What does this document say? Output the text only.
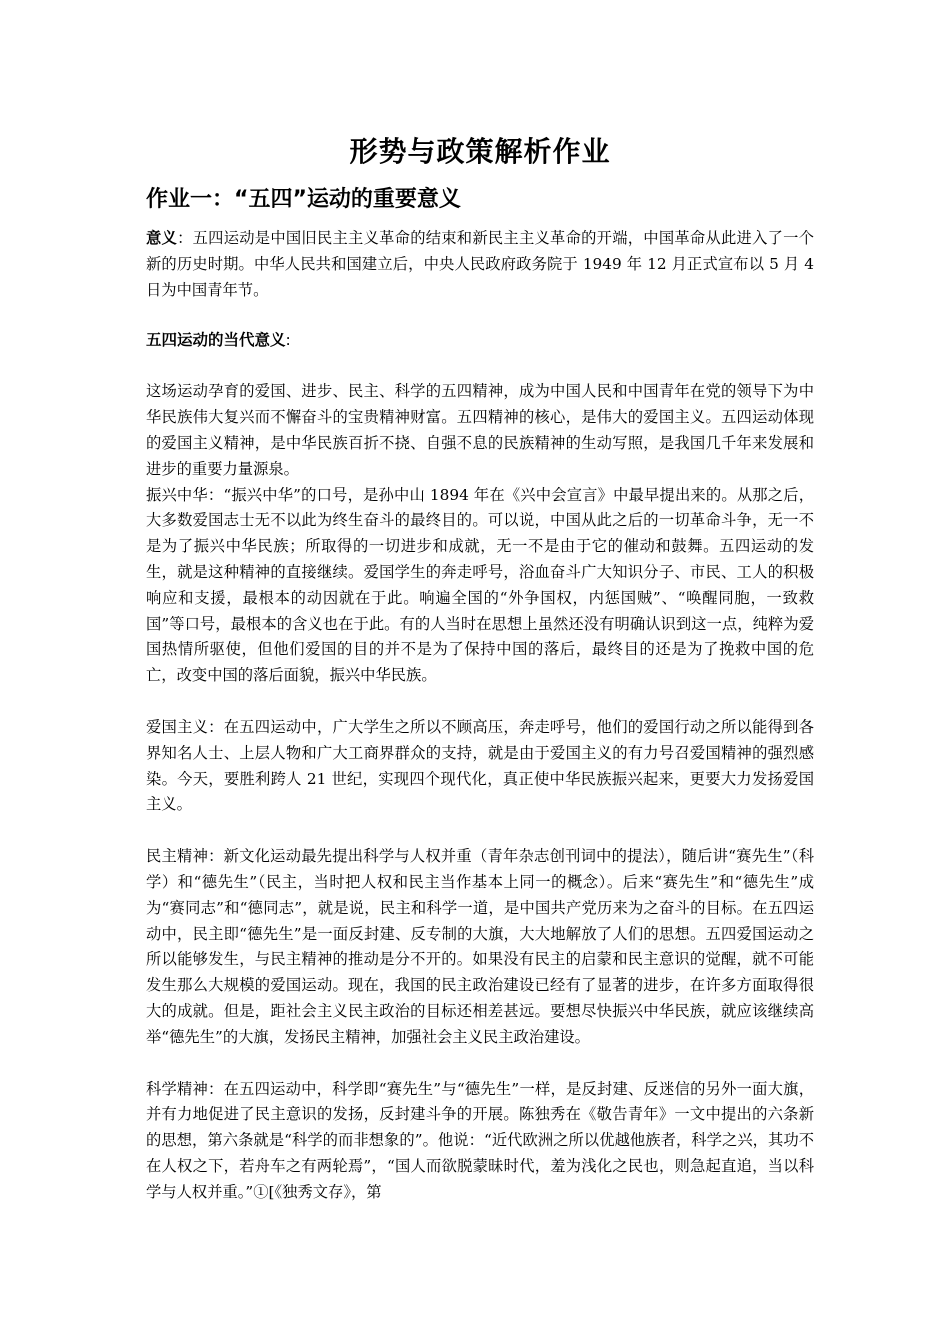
形势与政策解析作业
作业一：“五四”运动的重要意义

意义：五四运动是中国旧民主主义革命的结束和新民主主义革命的开端，中国革命从此进入了一个新的历史时期。中华人民共和国建立后，中央人民政府政务院于 1949 年 12 月正式宣布以 5 月 4 日为中国青年节。

五四运动的当代意义:

这场运动孕育的爱国、进步、民主、科学的五四精神，成为中国人民和中国青年在党的领导下为中华民族伟大复兴而不懈奋斗的宝贵精神财富。五四精神的核心，是伟大的爱国主义。五四运动体现的爱国主义精神，是中华民族百折不挠、自强不息的民族精神的生动写照，是我国几千年来发展和进步的重要力量源泉。

振兴中华：“振兴中华”的口号，是孙中山 1894 年在《兴中会宣言》中最早提出来的。从那之后，大多数爱国志士无不以此为终生奋斗的最终目的。可以说，中国从此之后的一切革命斗争，无一不是为了振兴中华民族；所取得的一切进步和成就，无一不是由于它的催动和鼓舞。五四运动的发生，就是这种精神的直接继续。爱国学生的奔走呼号，浴血奋斗广大知识分子、市民、工人的积极响应和支援，最根本的动因就在于此。响遍全国的“外争国权，内惩国贼”、“唤醒同胞，一致救国”等口号，最根本的含义也在于此。有的人当时在思想上虽然还没有明确认识到这一点，纯粹为爱国热情所驱使，但他们爱国的目的并不是为了保持中国的落后，最终目的还是为了挽救中国的危亡，改变中国的落后面貌，振兴中华民族。

爱国主义：在五四运动中，广大学生之所以不顾高压，奔走呼号，他们的爱国行动之所以能得到各界知名人士、上层人物和广大工商界群众的支持，就是由于爱国主义的有力号召爱国精神的强烈感染。今天，要胜利跨人 21 世纪，实现四个现代化，真正使中华民族振兴起来，更要大力发扬爱国主义。

民主精神：新文化运动最先提出科学与人权并重（青年杂志创刊词中的提法），随后讲“赛先生”（科学）和“德先生”（民主，当时把人权和民主当作基本上同一的概念）。后来“赛先生”和“德先生”成为“赛同志”和“德同志”，就是说，民主和科学一道，是中国共产党历来为之奋斗的目标。在五四运动中，民主即“德先生”是一面反封建、反专制的大旗，大大地解放了人们的思想。五四爱国运动之所以能够发生，与民主精神的推动是分不开的。如果没有民主的启蒙和民主意识的觉醒，就不可能发生那么大规模的爱国运动。现在，我国的民主政治建设已经有了显著的进步，在许多方面取得很大的成就。但是，距社会主义民主政治的目标还相差甚远。要想尽快振兴中华民族，就应该继续高举“德先生”的大旗，发扬民主精神，加强社会主义民主政治建设。

科学精神：在五四运动中，科学即“赛先生”与“德先生”一样，是反封建、反迷信的另外一面大旗，并有力地促进了民主意识的发扬，反封建斗争的开展。陈独秀在《敬告青年》一文中提出的六条新的思想，第六条就是“科学的而非想象的”。他说：“近代欧洲之所以优越他族者，科学之兴，其功不在人权之下，若舟车之有两轮焉”，“国人而欲脱蒙昧时代，羞为浅化之民也，则急起直追，当以科学与人权并重。”①[《独秀文存》，第
